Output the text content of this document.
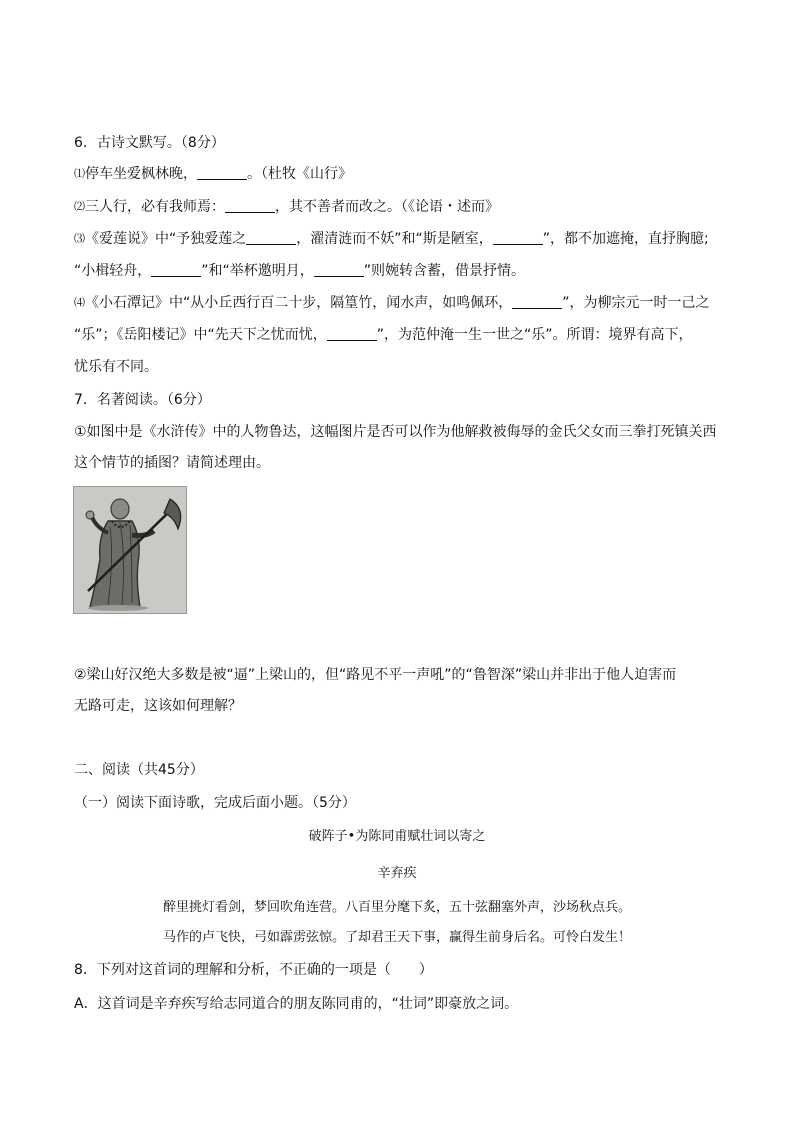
6．古诗文默写。（8分）
⑴停车坐爱枫林晚，	。（杜牧《山行》
⑵三人行，必有我师焉：	，其不善者而改之。（《论语・述而》
⑶《爱莲说》中“予独爱莲之	，濯清涟而不妖”和“斯是陋室，	”，都不加遮掩，直抒胸臆;
“小楫轻舟，	”和“举杯邀明月，	”则婉转含蓄，借景抒情。
⑷《小石潭记》中“从小丘西行百二十步，隔篁竹，闻水声，如鸣佩环，	”，为柳宗元一时一己之
“乐”；《岳阳楼记》中“先天下之忧而忧，	”，为范仲淹一生一世之“乐”。所谓：境界有高下，
忧乐有不同。
7．名著阅读。（6分）
①如图中是《水浒传》中的人物鲁达，这幅图片是否可以作为他解救被侮辱的金氏父女而三拳打死镇关西
这个情节的插图？请简述理由。
②梁山好汉绝大多数是被“逼”上梁山的，但“路见不平一声吼”的“鲁智深”梁山并非出于他人迫害而
无路可走，这该如何理解？
二、阅读（共45分）
（一）阅读下面诗歌，完成后面小题。（5分）
破阵子•为陈同甫赋壮词以寄之
辛弃疾
醉里挑灯看剑，梦回吹角连营。八百里分麾下炙，五十弦翻塞外声，沙场秋点兵。
马作的卢飞快，弓如霹雳弦惊。了却君王天下事，赢得生前身后名。可怜白发生！
8．下列对这首词的理解和分析，不正确的一项是（　　）
A．这首词是辛弃疾写给志同道合的朋友陈同甫的，“壮词”即豪放之词。
